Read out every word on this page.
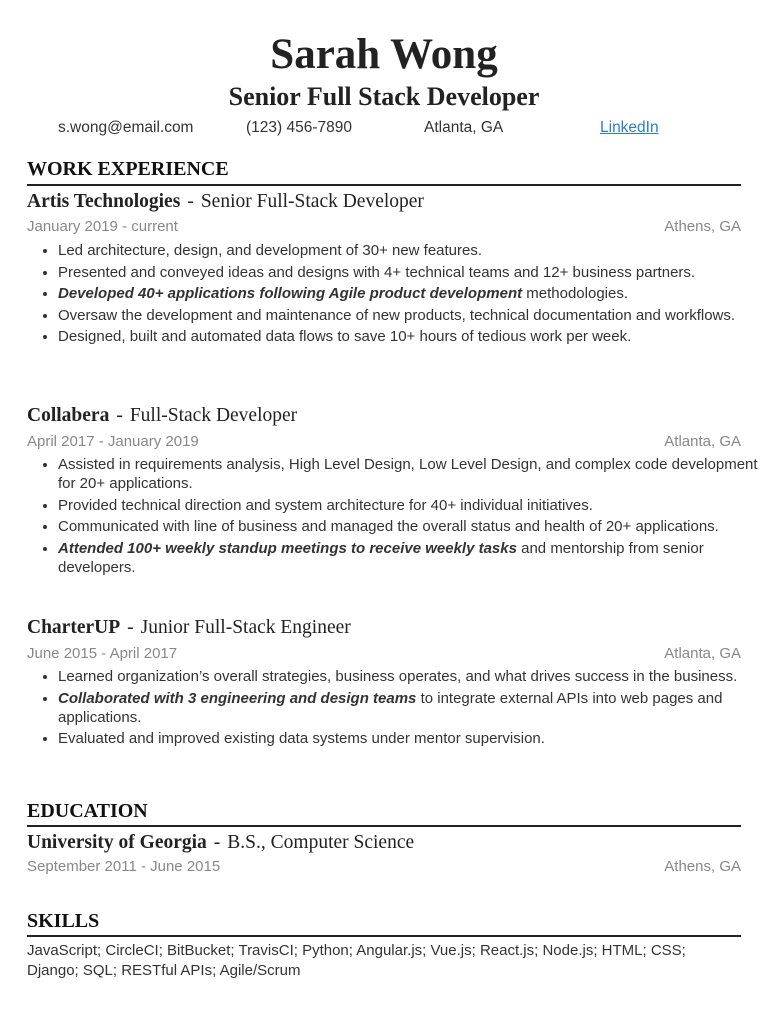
Sarah Wong
Senior Full Stack Developer
s.wong@email.com	(123) 456-7890	Atlanta, GA	LinkedIn
WORK EXPERIENCE
Artis Technologies - Senior Full-Stack Developer
January 2019 - current	Athens, GA
• Led architecture, design, and development of 30+ new features.
• Presented and conveyed ideas and designs with 4+ technical teams and 12+ business partners.
• Developed 40+ applications following Agile product development methodologies.
• Oversaw the development and maintenance of new products, technical documentation and workflows.
• Designed, built and automated data flows to save 10+ hours of tedious work per week.
Collabera - Full-Stack Developer
April 2017 - January 2019	Atlanta, GA
• Assisted in requirements analysis, High Level Design, Low Level Design, and complex code development for 20+ applications.
• Provided technical direction and system architecture for 40+ individual initiatives.
• Communicated with line of business and managed the overall status and health of 20+ applications.
• Attended 100+ weekly standup meetings to receive weekly tasks and mentorship from senior developers.
CharterUP - Junior Full-Stack Engineer
June 2015 - April 2017	Atlanta, GA
• Learned organization’s overall strategies, business operates, and what drives success in the business.
• Collaborated with 3 engineering and design teams to integrate external APIs into web pages and applications.
• Evaluated and improved existing data systems under mentor supervision.
EDUCATION
University of Georgia - B.S., Computer Science
September 2011 - June 2015	Athens, GA
SKILLS
JavaScript; CircleCI; BitBucket; TravisCI; Python; Angular.js; Vue.js; React.js; Node.js; HTML; CSS; Django; SQL; RESTful APIs; Agile/Scrum
